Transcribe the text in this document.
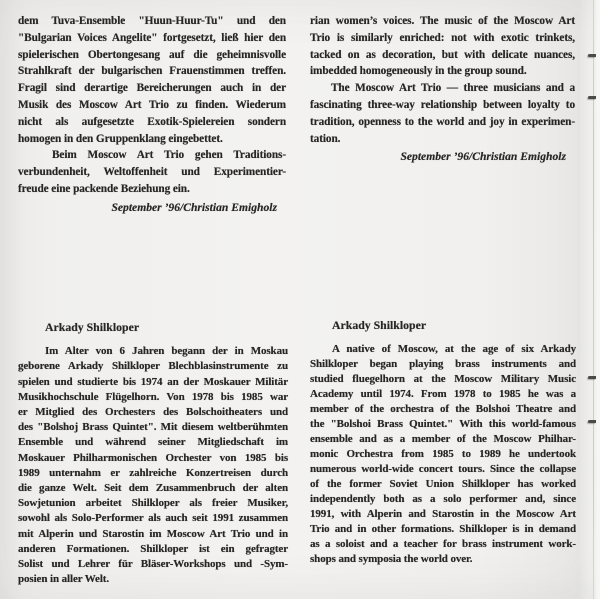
dem Tuva-Ensemble "Huun-Huur-Tu" und den
"Bulgarian Voices Angelite" fortgesetzt, ließ hier den
spielerischen Obertongesang auf die geheimnisvolle
Strahlkraft der bulgarischen Frauenstimmen treffen.
Fragil sind derartige Bereicherungen auch in der
Musik des Moscow Art Trio zu finden. Wiederum
nicht als aufgesetzte Exotik-Spielereien sondern
homogen in den Gruppenklang eingebettet.
Beim Moscow Art Trio gehen Traditions-
verbundenheit, Weltoffenheit und Experimentier-
freude eine packende Beziehung ein.
September ’96/Christian Emigholz
rian women’s voices. The music of the Moscow Art
Trio is similarly enriched: not with exotic trinkets,
tacked on as decoration, but with delicate nuances,
imbedded homogeneously in the group sound.
The Moscow Art Trio — three musicians and a
fascinating three-way relationship between loyalty to
tradition, openness to the world and joy in experimen-
tation.
September ’96/Christian Emigholz
Arkady Shilkloper
Im Alter von 6 Jahren begann der in Moskau
geborene Arkady Shilkloper Blechblasinstrumente zu
spielen und studierte bis 1974 an der Moskauer Militär
Musikhochschule Flügelhorn. Von 1978 bis 1985 war
er Mitglied des Orchesters des Bolschoitheaters und
des "Bolshoj Brass Quintet". Mit diesem weltberühmten
Ensemble und während seiner Mitgliedschaft im
Moskauer Philharmonischen Orchester von 1985 bis
1989 unternahm er zahlreiche Konzertreisen durch
die ganze Welt. Seit dem Zusammenbruch der alten
Sowjetunion arbeitet Shilkloper als freier Musiker,
sowohl als Solo-Performer als auch seit 1991 zusammen
mit Alperin und Starostin im Moscow Art Trio und in
anderen Formationen. Shilkloper ist ein gefragter
Solist und Lehrer für Bläser-Workshops und -Sym-
posien in aller Welt.
Arkady Shilkloper
A native of Moscow, at the age of six Arkady
Shilkloper began playing brass instruments and
studied fluegelhorn at the Moscow Military Music
Academy until 1974. From 1978 to 1985 he was a
member of the orchestra of the Bolshoi Theatre and
the "Bolshoi Brass Quintet." With this world-famous
ensemble and as a member of the Moscow Philhar-
monic Orchestra from 1985 to 1989 he undertook
numerous world-wide concert tours. Since the collapse
of the former Soviet Union Shilkloper has worked
independently both as a solo performer and, since
1991, with Alperin and Starostin in the Moscow Art
Trio and in other formations. Shilkloper is in demand
as a soloist and a teacher for brass instrument work-
shops and symposia the world over.
